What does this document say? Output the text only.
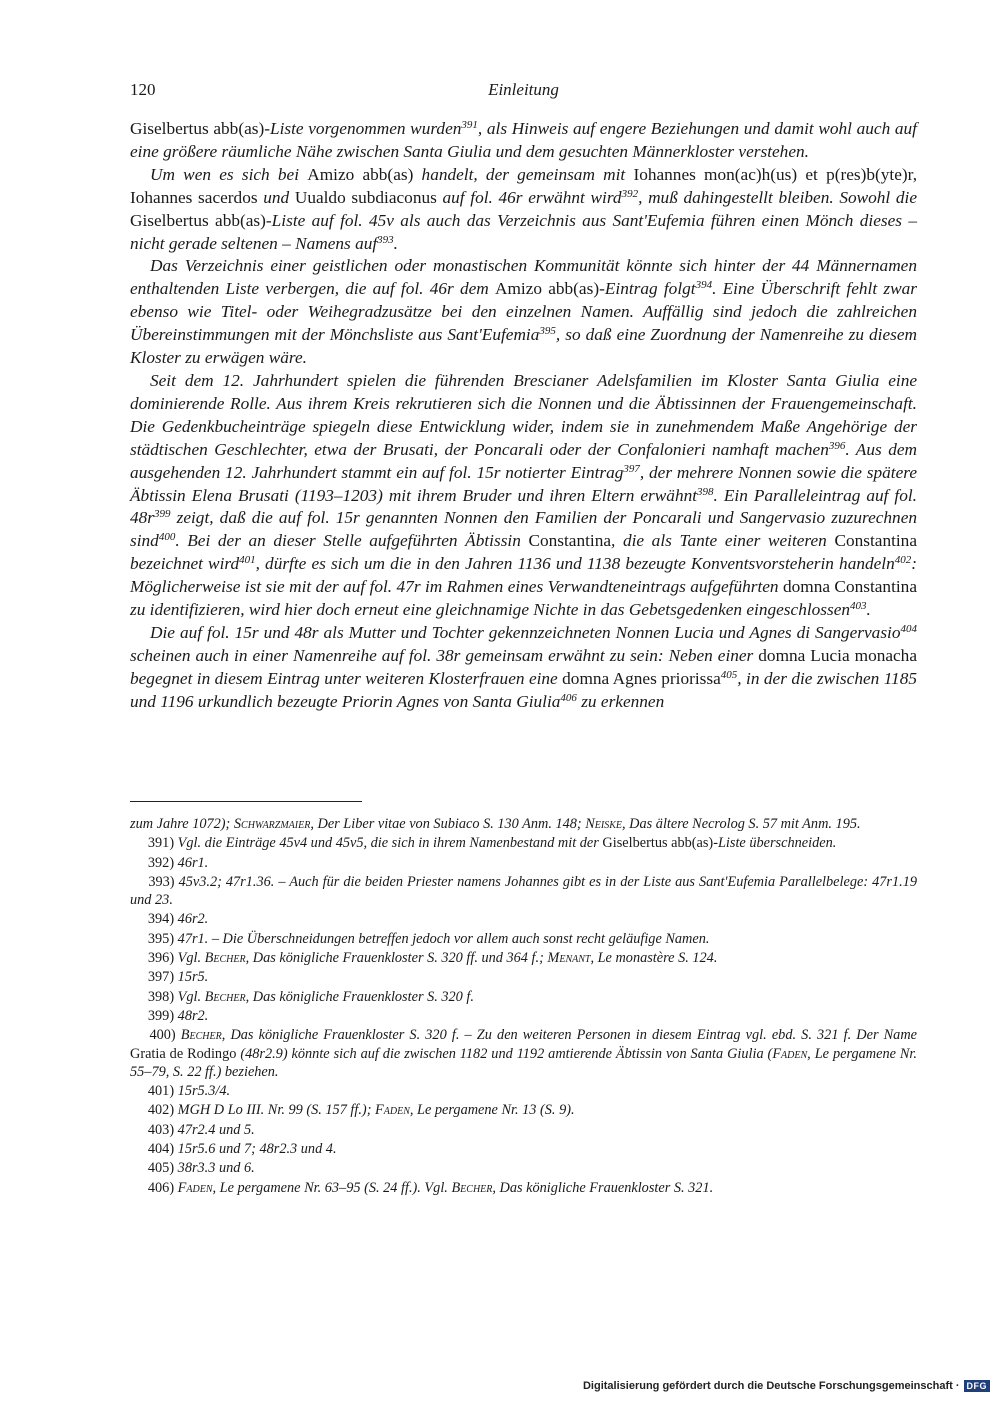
120	Einleitung

Giselbertus abb(as)-Liste vorgenommen wurden$^{391}$, als Hinweis auf engere Beziehungen und damit wohl auch auf eine größere räumliche Nähe zwischen Santa Giulia und dem gesuchten Männerkloster verstehen.

Um wen es sich bei Amizo abb(as) handelt, der gemeinsam mit Iohannes mon(ac)h(us) et p(res)b(yte)r, Iohannes sacerdos und Uualdo subdiaconus auf fol. 46r erwähnt wird$^{392}$, muß dahingestellt bleiben. Sowohl die Giselbertus abb(as)-Liste auf fol. 45v als auch das Verzeichnis aus Sant'Eufemia führen einen Mönch dieses – nicht gerade seltenen – Namens auf$^{393}$.

Das Verzeichnis einer geistlichen oder monastischen Kommunität könnte sich hinter der 44 Männernamen enthaltenden Liste verbergen, die auf fol. 46r dem Amizo abb(as)-Eintrag folgt$^{394}$. Eine Überschrift fehlt zwar ebenso wie Titel- oder Weihegradzusätze bei den einzelnen Namen. Auffällig sind jedoch die zahlreichen Übereinstimmungen mit der Mönchsliste aus Sant'Eufemia$^{395}$, so daß eine Zuordnung der Namenreihe zu diesem Kloster zu erwägen wäre.

Seit dem 12. Jahrhundert spielen die führenden Brescianer Adelsfamilien im Kloster Santa Giulia eine dominierende Rolle. Aus ihrem Kreis rekrutieren sich die Nonnen und die Äbtissinnen der Frauengemeinschaft. Die Gedenkbucheinträge spiegeln diese Entwicklung wider, indem sie in zunehmendem Maße Angehörige der städtischen Geschlechter, etwa der Brusati, der Poncarali oder der Confalonieri namhaft machen$^{396}$. Aus dem ausgehenden 12. Jahrhundert stammt ein auf fol. 15r notierter Eintrag$^{397}$, der mehrere Nonnen sowie die spätere Äbtissin Elena Brusati (1193–1203) mit ihrem Bruder und ihren Eltern erwähnt$^{398}$. Ein Paralleleintrag auf fol. $48r^{399}$ zeigt, daß die auf fol. 15r genannten Nonnen den Familien der Poncarali und Sangervasio zuzurechnen sind$^{400}$. Bei der an dieser Stelle aufgeführten Äbtissin Constantina, die als Tante einer weiteren Constantina bezeichnet wird$^{401}$, dürfte es sich um die in den Jahren 1136 und 1138 bezeugte Konventsvorsteherin handeln$^{402}$: Möglicherweise ist sie mit der auf fol. 47r im Rahmen eines Verwandteneintrags aufgeführten domna Constantina zu identifizieren, wird hier doch erneut eine gleichnamige Nichte in das Gebetsgedenken eingeschlossen$^{403}$.

Die auf fol. 15r und 48r als Mutter und Tochter gekennzeichneten Nonnen Lucia und Agnes di Sangervasio$^{404}$ scheinen auch in einer Namenreihe auf fol. 38r gemeinsam erwähnt zu sein: Neben einer domna Lucia monacha begegnet in diesem Eintrag unter weiteren Klosterfrauen eine domna Agnes priorissa$^{405}$, in der die zwischen 1185 und 1196 urkundlich bezeugte Priorin Agnes von Santa Giulia$^{406}$ zu erkennen

zum Jahre 1072); Schwarzmaier, Der Liber vitae von Subiaco S. 130 Anm. 148; Neiske, Das ältere Necrolog S. 57 mit Anm. 195.

  391) Vgl. die Einträge 45v4 und 45v5, die sich in ihrem Namenbestand mit der Giselbertus abb(as)-Liste überschneiden.

  392) 46r1.

  393) 45v3.2; 47r1.36. – Auch für die beiden Priester namens Johannes gibt es in der Liste aus Sant'Eufemia Parallelbelege: 47r1.19 und 23.

  394) 46r2.

  395) 47r1. – Die Überschneidungen betreffen jedoch vor allem auch sonst recht geläufige Namen.

  396) Vgl. Becher, Das königliche Frauenkloster S. 320 ff. und 364 f.; Menant, Le monastère S. 124.

  397) 15r5.

  398) Vgl. Becher, Das königliche Frauenkloster S. 320 f.

  399) 48r2.

  400) Becher, Das königliche Frauenkloster S. 320 f. – Zu den weiteren Personen in diesem Eintrag vgl. ebd. S. 321 f. Der Name Gratia de Rodingo (48r2.9) könnte sich auf die zwischen 1182 und 1192 amtierende Äbtissin von Santa Giulia (Faden, Le pergamene Nr. 55–79, S. 22 ff.) beziehen.

  401) 15r5.3/4.

  402) MGH D Lo III. Nr. 99 (S. 157 ff.); Faden, Le pergamene Nr. 13 (S. 9).

  403) 47r2.4 und 5.

  404) 15r5.6 und 7; 48r2.3 und 4.

  405) 38r3.3 und 6.

  406) Faden, Le pergamene Nr. 63–95 (S. 24 ff.). Vgl. Becher, Das königliche Frauenkloster S. 321.

Digitalisierung gefördert durch die Deutsche Forschungsgemeinschaft · DFG
